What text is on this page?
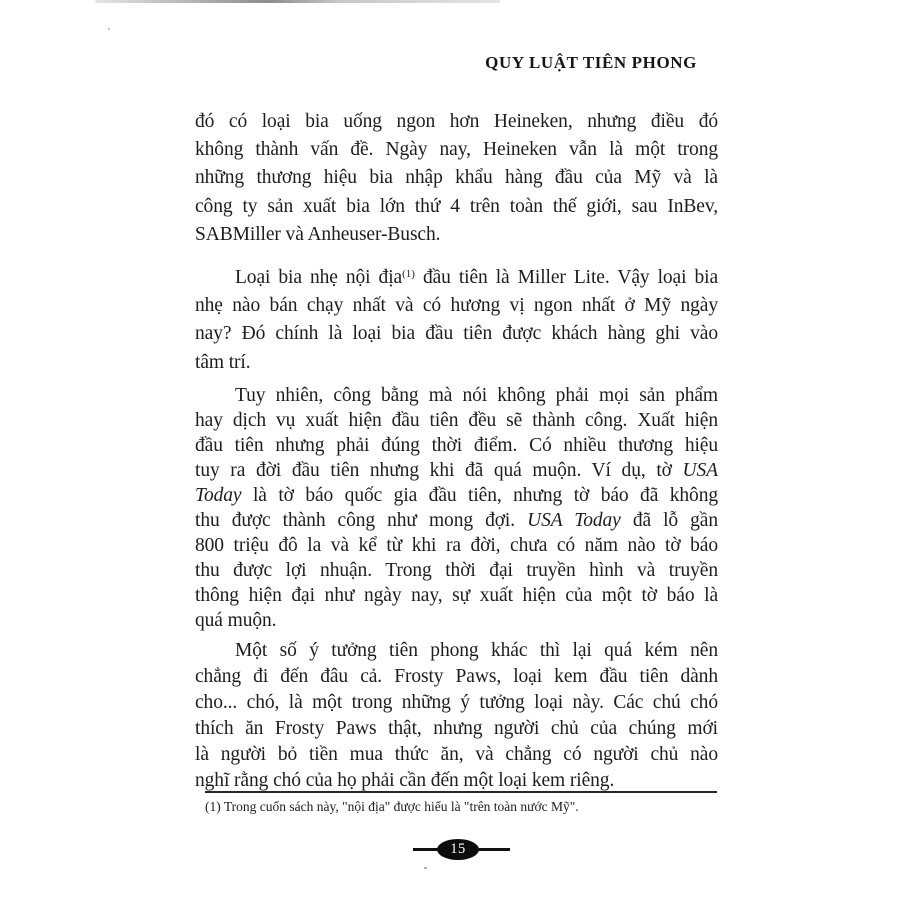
QUY LUẬT TIÊN PHONG
đó có loại bia uống ngon hơn Heineken, nhưng điều đó
không thành vấn đề. Ngày nay, Heineken vẫn là một trong
những thương hiệu bia nhập khẩu hàng đầu của Mỹ và là
công ty sản xuất bia lớn thứ 4 trên toàn thế giới, sau InBev,
SABMiller và Anheuser-Busch.
Loại bia nhẹ nội địa$^{(1)}$ đầu tiên là Miller Lite. Vậy loại bia
nhẹ nào bán chạy nhất và có hương vị ngon nhất ở Mỹ ngày
nay? Đó chính là loại bia đầu tiên được khách hàng ghi vào
tâm trí.
Tuy nhiên, công bằng mà nói không phải mọi sản phẩm
hay dịch vụ xuất hiện đầu tiên đều sẽ thành công. Xuất hiện
đầu tiên nhưng phải đúng thời điểm. Có nhiều thương hiệu
tuy ra đời đầu tiên nhưng khi đã quá muộn. Ví dụ, tờ USA
Today là tờ báo quốc gia đầu tiên, nhưng tờ báo đã không
thu được thành công như mong đợi. USA Today đã lỗ gần
800 triệu đô la và kể từ khi ra đời, chưa có năm nào tờ báo
thu được lợi nhuận. Trong thời đại truyền hình và truyền
thông hiện đại như ngày nay, sự xuất hiện của một tờ báo là
quá muộn.
Một số ý tưởng tiên phong khác thì lại quá kém nên
chẳng đi đến đâu cả. Frosty Paws, loại kem đầu tiên dành
cho... chó, là một trong những ý tưởng loại này. Các chú chó
thích ăn Frosty Paws thật, nhưng người chủ của chúng mới
là người bỏ tiền mua thức ăn, và chẳng có người chủ nào
nghĩ rằng chó của họ phải cần đến một loại kem riêng.
(1) Trong cuốn sách này, "nội địa" được hiểu là "trên toàn nước Mỹ".
15
